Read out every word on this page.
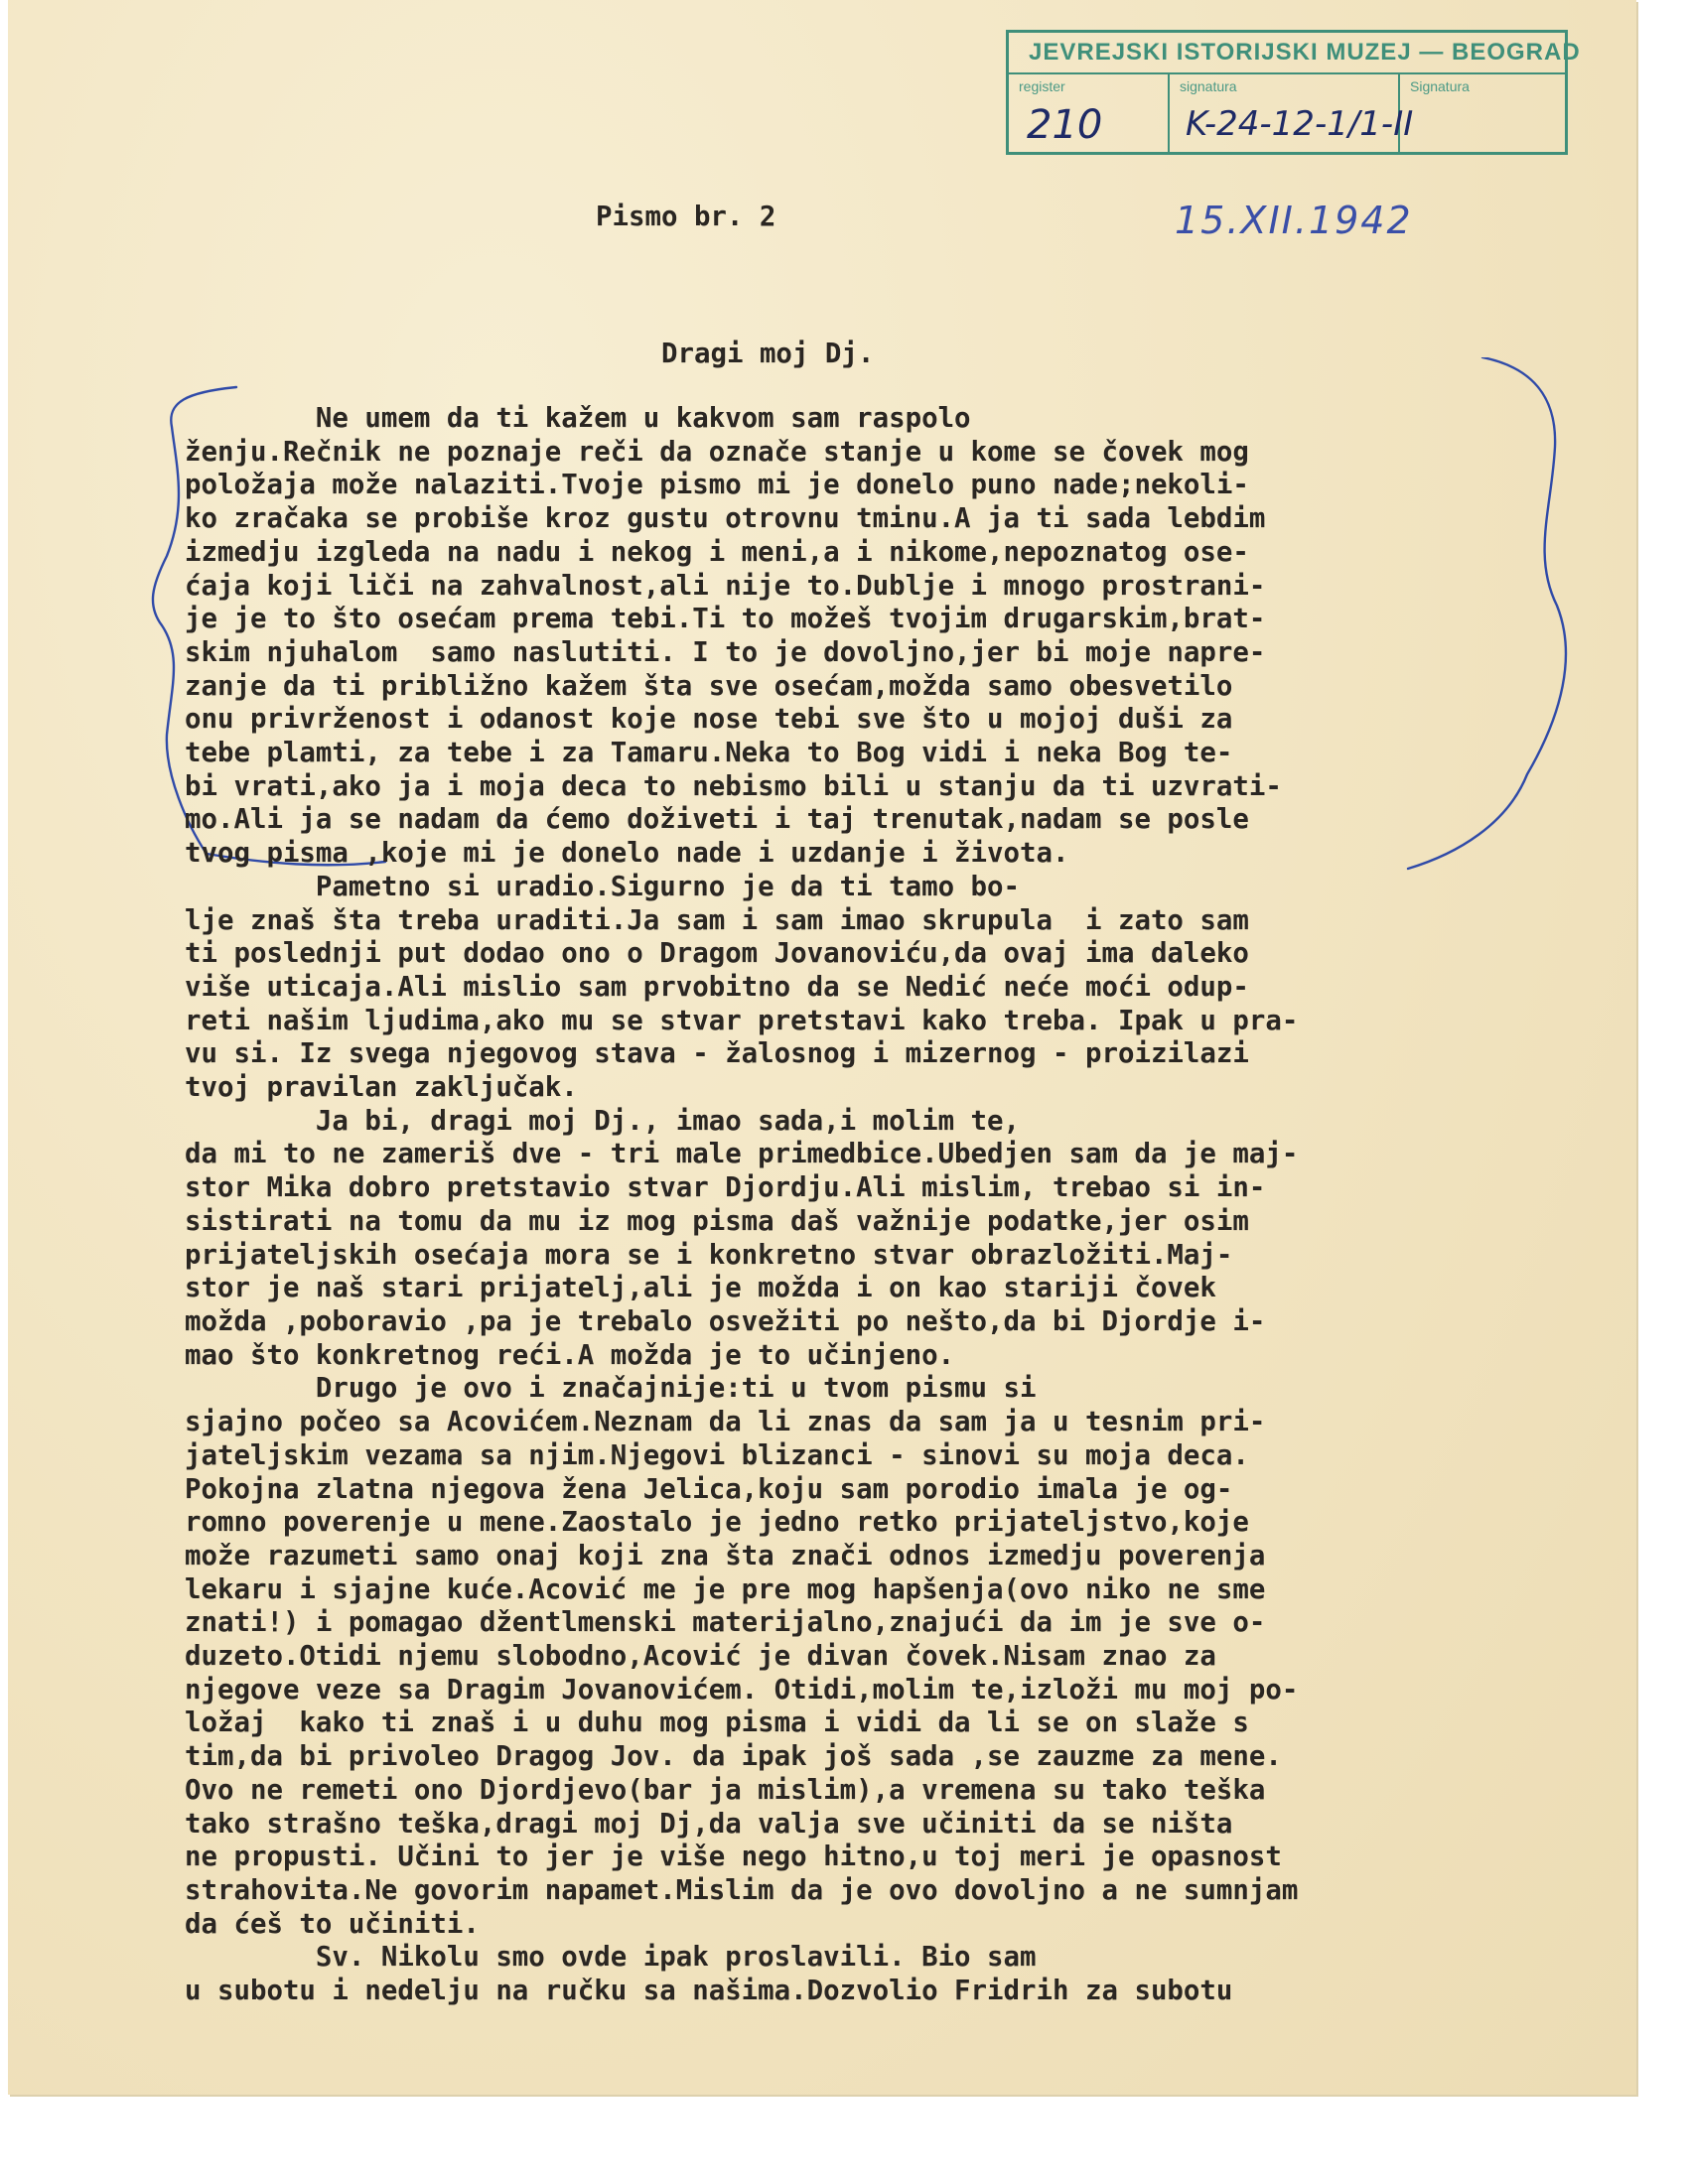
JEVREJSKI ISTORIJSKI MUZEJ — BEOGRAD
register
210
signatura
K-24-12-1/1-II
Signatura
15.XII.1942
Pismo br. 2
Dragi moj Dj.
Ne umem da ti kažem u kakvom sam raspolo
ženju.Rečnik ne poznaje reči da označe stanje u kome se čovek mog
položaja može nalaziti.Tvoje pismo mi je donelo puno nade;nekoli-
ko zračaka se probiše kroz gustu otrovnu tminu.A ja ti sada lebdim
izmedju izgleda na nadu i nekog i meni,a i nikome,nepoznatog ose-
ćaja koji liči na zahvalnost,ali nije to.Dublje i mnogo prostrani-
je je to što osećam prema tebi.Ti to možeš tvojim drugarskim,brat-
skim njuhalom  samo naslutiti. I to je dovoljno,jer bi moje napre-
zanje da ti približno kažem šta sve osećam,možda samo obesvetilo
onu privrženost i odanost koje nose tebi sve što u mojoj duši za
tebe plamti, za tebe i za Tamaru.Neka to Bog vidi i neka Bog te-
bi vrati,ako ja i moja deca to nebismo bili u stanju da ti uzvrati-
mo.Ali ja se nadam da ćemo doživeti i taj trenutak,nadam se posle
tvog pisma ,koje mi je donelo nade i uzdanje i života.
Pametno si uradio.Sigurno je da ti tamo bo-
lje znaš šta treba uraditi.Ja sam i sam imao skrupula  i zato sam
ti poslednji put dodao ono o Dragom Jovanoviću,da ovaj ima daleko
više uticaja.Ali mislio sam prvobitno da se Nedić neće moći odup-
reti našim ljudima,ako mu se stvar pretstavi kako treba. Ipak u pra-
vu si. Iz svega njegovog stava - žalosnog i mizernog - proizilazi
tvoj pravilan zaključak.
Ja bi, dragi moj Dj., imao sada,i molim te,
da mi to ne zameriš dve - tri male primedbice.Ubedjen sam da je maj-
stor Mika dobro pretstavio stvar Djordju.Ali mislim, trebao si in-
sistirati na tomu da mu iz mog pisma daš važnije podatke,jer osim
prijateljskih osećaja mora se i konkretno stvar obrazložiti.Maj-
stor je naš stari prijatelj,ali je možda i on kao stariji čovek
možda ,poboravio ,pa je trebalo osvežiti po nešto,da bi Djordje i-
mao što konkretnog reći.A možda je to učinjeno.
Drugo je ovo i značajnije:ti u tvom pismu si
sjajno počeo sa Acovićem.Neznam da li znas da sam ja u tesnim pri-
jateljskim vezama sa njim.Njegovi blizanci - sinovi su moja deca.
Pokojna zlatna njegova žena Jelica,koju sam porodio imala je og-
romno poverenje u mene.Zaostalo je jedno retko prijateljstvo,koje
može razumeti samo onaj koji zna šta znači odnos izmedju poverenja
lekaru i sjajne kuće.Acović me je pre mog hapšenja(ovo niko ne sme
znati!) i pomagao džentlmenski materijalno,znajući da im je sve o-
duzeto.Otidi njemu slobodno,Acović je divan čovek.Nisam znao za
njegove veze sa Dragim Jovanovićem. Otidi,molim te,izloži mu moj po-
ložaj  kako ti znaš i u duhu mog pisma i vidi da li se on slaže s
tim,da bi privoleo Dragog Jov. da ipak još sada ,se zauzme za mene.
Ovo ne remeti ono Djordjevo(bar ja mislim),a vremena su tako teška
tako strašno teška,dragi moj Dj,da valja sve učiniti da se ništa
ne propusti. Učini to jer je više nego hitno,u toj meri je opasnost
strahovita.Ne govorim napamet.Mislim da je ovo dovoljno a ne sumnjam
da ćeš to učiniti.
Sv. Nikolu smo ovde ipak proslavili. Bio sam
u subotu i nedelju na ručku sa našima.Dozvolio Fridrih za subotu
